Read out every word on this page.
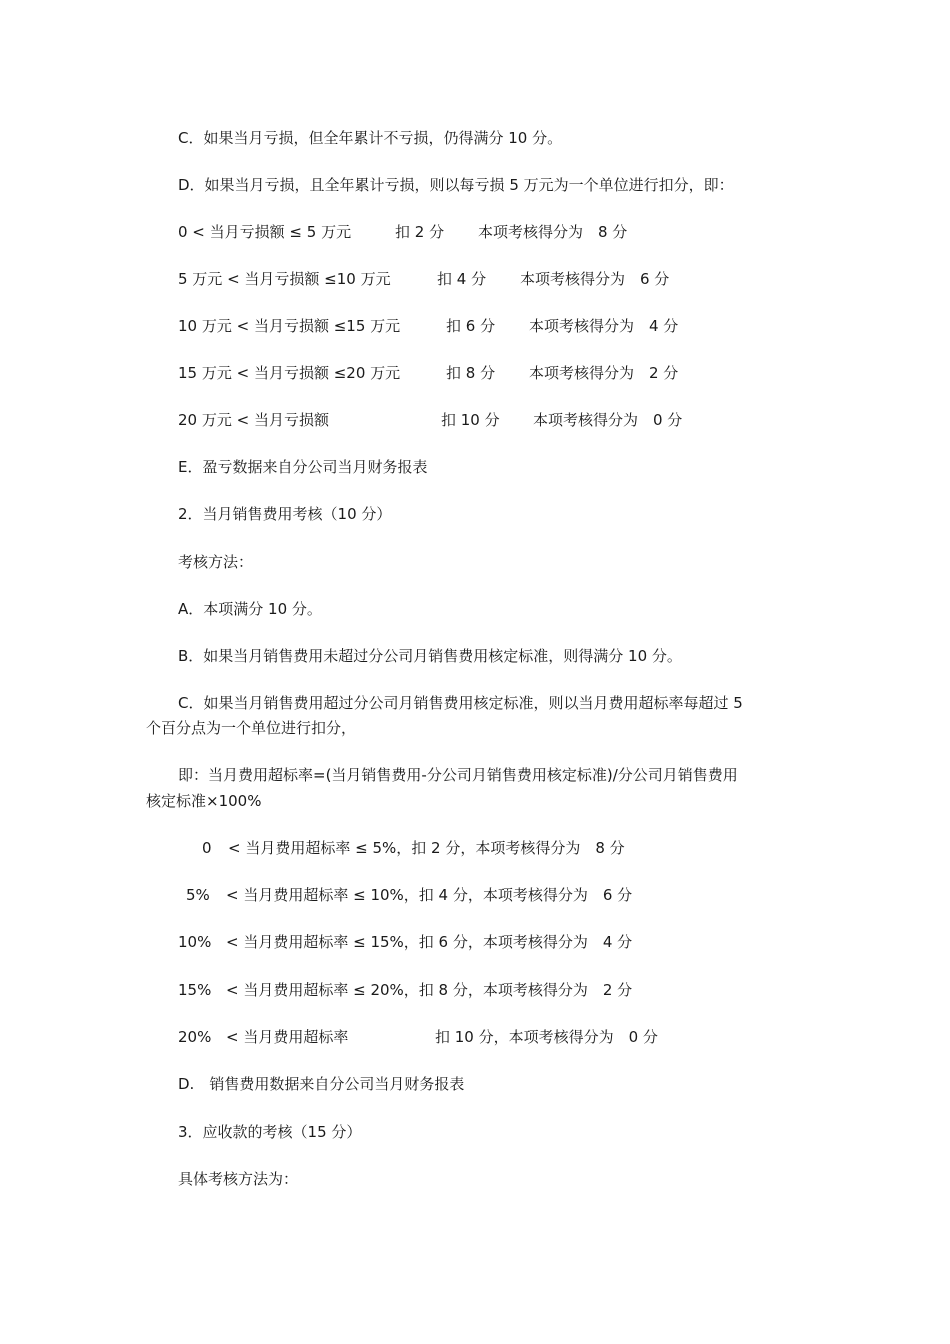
C．如果当月亏损，但全年累计不亏损，仍得满分 10 分。
D．如果当月亏损，且全年累计亏损，则以每亏损 5 万元为一个单位进行扣分，即：
0 < 当月亏损额 ≤ 5 万元	扣 2 分 本项考核得分为　8 分
5 万元 < 当月亏损额 ≤10 万元	扣 4 分 本项考核得分为　6 分
10 万元 < 当月亏损额 ≤15 万元	扣 6 分 本项考核得分为　4 分
15 万元 < 当月亏损额 ≤20 万元	扣 8 分 本项考核得分为　2 分
20 万元 < 当月亏损额	扣 10 分 本项考核得分为　0 分
E．盈亏数据来自分公司当月财务报表
2．当月销售费用考核（10 分）
考核方法：
A．本项满分 10 分。
B．如果当月销售费用未超过分公司月销售费用核定标准，则得满分 10 分。
C．如果当月销售费用超过分公司月销售费用核定标准，则以当月费用超标率每超过 5
个百分点为一个单位进行扣分，
即：当月费用超标率=(当月销售费用-分公司月销售费用核定标准)/分公司月销售费用
核定标准×100%
0 < 当月费用超标率 ≤ 5%，扣 2 分，本项考核得分为　8 分
5% < 当月费用超标率 ≤ 10%，扣 4 分，本项考核得分为　6 分
10% < 当月费用超标率 ≤ 15%，扣 6 分，本项考核得分为　4 分
15% < 当月费用超标率 ≤ 20%，扣 8 分，本项考核得分为　2 分
20% < 当月费用超标率	扣 10 分，本项考核得分为　0 分
D.　销售费用数据来自分公司当月财务报表
3．应收款的考核（15 分）
具体考核方法为：
